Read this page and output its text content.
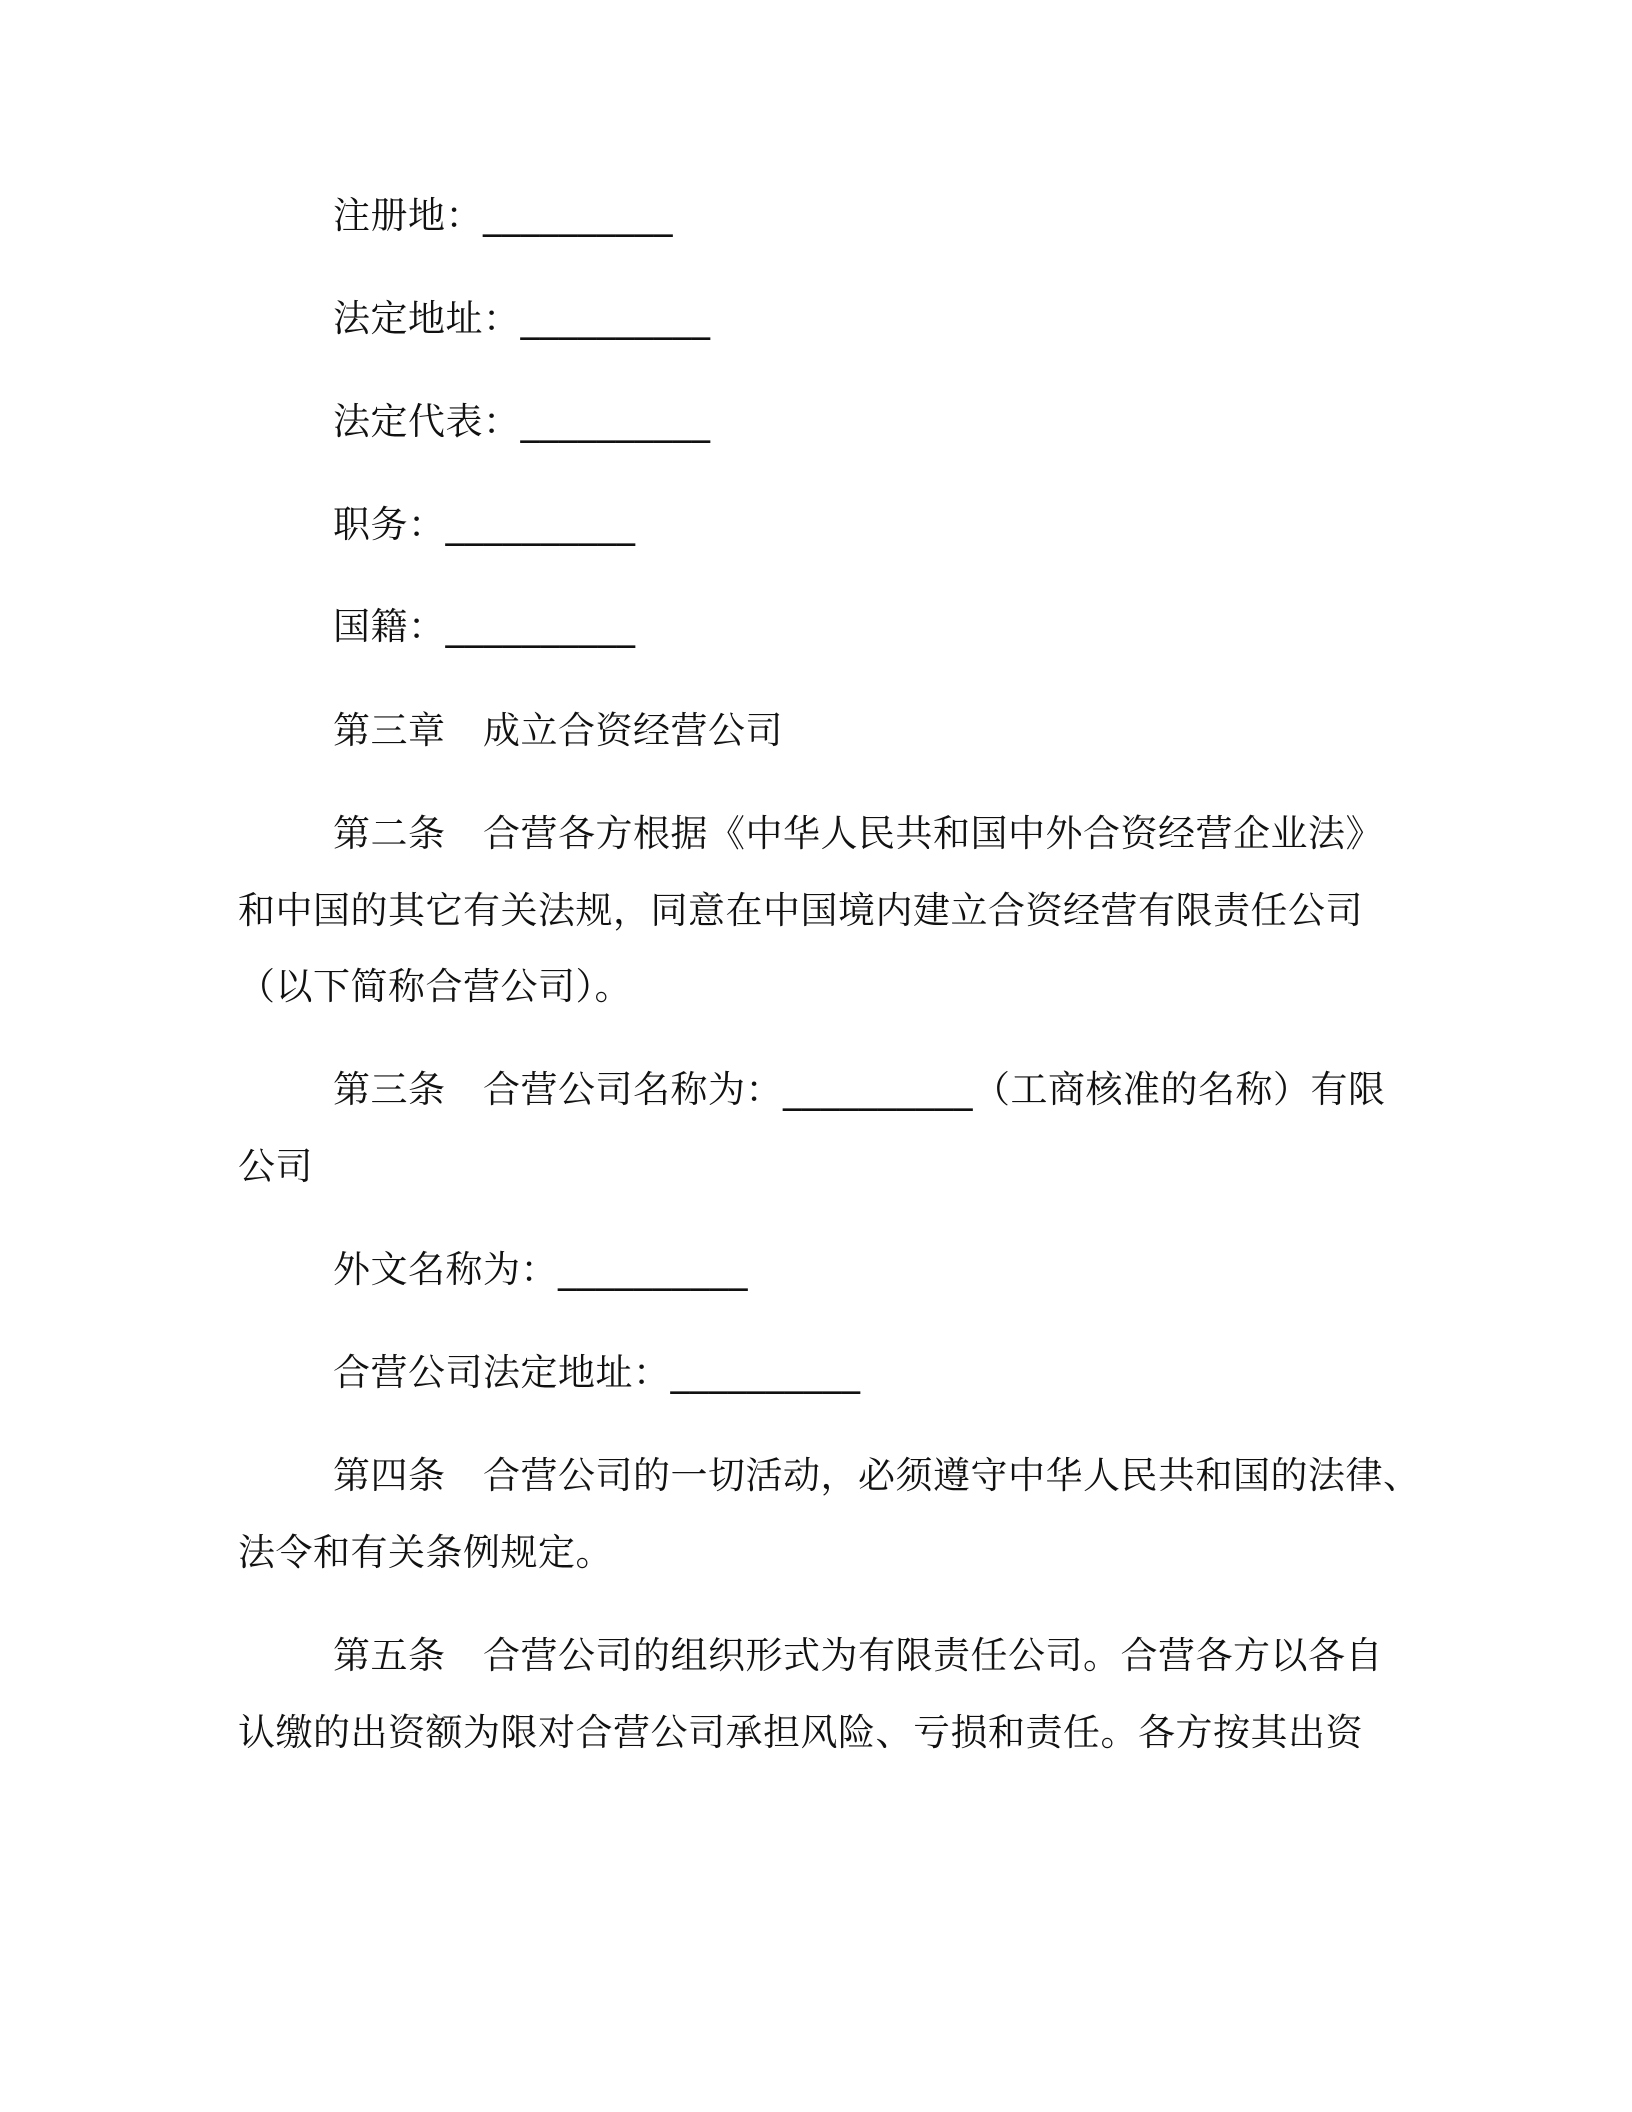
注册地：__________

法定地址：__________

法定代表：__________

职务：__________

国籍：__________

第三章　成立合资经营公司

第二条　合营各方根据《中华人民共和国中外合资经营企业法》

和中国的其它有关法规，同意在中国境内建立合资经营有限责任公司

（以下简称合营公司）。

第三条　合营公司名称为：__________（工商核准的名称）有限

公司

外文名称为：__________

合营公司法定地址：__________

第四条　合营公司的一切活动，必须遵守中华人民共和国的法律、

法令和有关条例规定。

第五条　合营公司的组织形式为有限责任公司。合营各方以各自

认缴的出资额为限对合营公司承担风险、亏损和责任。各方按其出资
